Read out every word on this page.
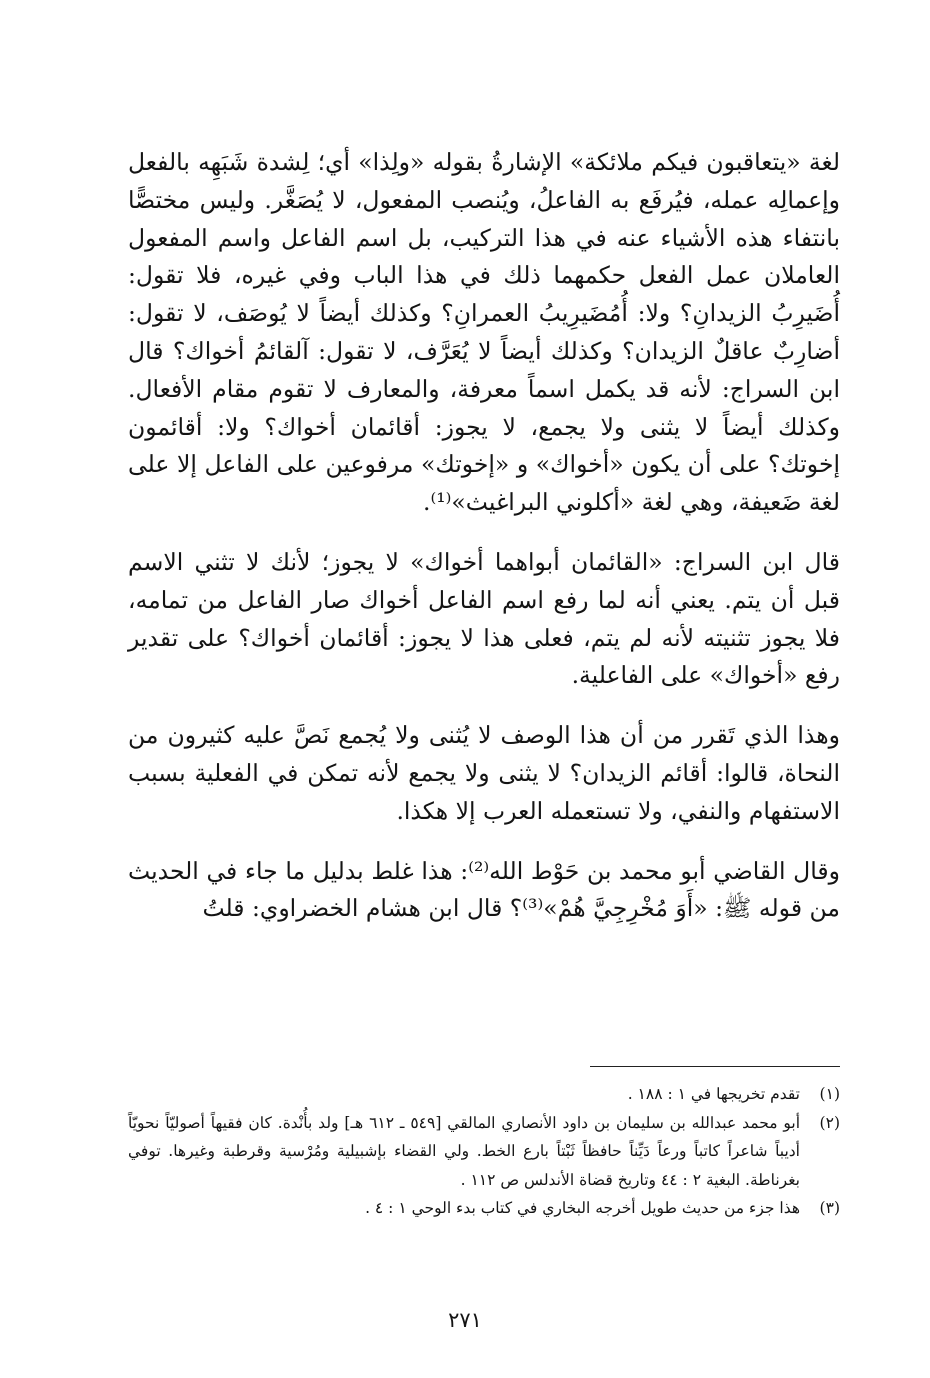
لغة «يتعاقبون فيكم ملائكة» الإشارةُ بقوله «ولِذا» أي؛ لِشدة شَبَهِه بالفعل وإعمالِه عمله، فيُرفَع به الفاعلُ، ويُنصب المفعول، لا يُصَغَّر. وليس مختصًّا بانتفاء هذه الأشياء عنه في هذا التركيب، بل اسم الفاعل واسم المفعول العاملان عمل الفعل حكمهما ذلك في هذا الباب وفي غيره، فلا تقول: أُضَيرِبُ الزيدانِ؟ ولا: أُمُضَيرِيبُ العمرانِ؟ وكذلك أيضاً لا يُوصَف، لا تقول: أضارِبٌ عاقلٌ الزيدان؟ وكذلك أيضاً لا يُعَرَّف، لا تقول: آلقائمُ أخواك؟ قال ابن السراج: لأنه قد يكمل اسماً معرفة، والمعارف لا تقوم مقام الأفعال. وكذلك أيضاً لا يثنى ولا يجمع، لا يجوز: أقائمان أخواك؟ ولا: أقائمون إخوتك؟ على أن يكون «أخواك» و «إخوتك» مرفوعين على الفاعل إلا على لغة ضَعيفة، وهي لغة «أكلوني البراغيث»⁽¹⁾.

قال ابن السراج: «القائمان أبواهما أخواك» لا يجوز؛ لأنك لا تثني الاسم قبل أن يتم. يعني أنه لما رفع اسم الفاعل أخواك صار الفاعل من تمامه، فلا يجوز تثنيته لأنه لم يتم، فعلى هذا لا يجوز: أقائمان أخواك؟ على تقدير رفع «أخواك» على الفاعلية.

وهذا الذي تَقرر من أن هذا الوصف لا يُثنى ولا يُجمع نَصَّ عليه كثيرون من النحاة، قالوا: أقائم الزيدان؟ لا يثنى ولا يجمع لأنه تمكن في الفعلية بسبب الاستفهام والنفي، ولا تستعمله العرب إلا هكذا.

وقال القاضي أبو محمد بن حَوْط الله⁽²⁾: هذا غلط بدليل ما جاء في الحديث من قوله ﷺ: «أَوَ مُخْرِجِيَّ هُمْ»⁽³⁾؟ قال ابن هشام الخضراوي: قلتُ

(١)
تقدم تخريجها في ١ : ١٨٨ .

(٢)
أبو محمد عبدالله بن سليمان بن داود الأنصاري المالقي [٥٤٩ ـ ٦١٢ هـ] ولد بأُنْدة. كان فقيهاً أصوليّاً نحويّاً أديباً شاعراً كاتباً ورعاً دَيِّناً حافظاً ثَبْتاً بارع الخط. ولي القضاء بإشبيلية ومُرْسية وقرطبة وغيرها. توفي بغرناطة. البغية ٢ : ٤٤ وتاريخ قضاة الأندلس ص ١١٢ .

(٣)
هذا جزء من حديث طويل أخرجه البخاري في كتاب بدء الوحي ١ : ٤ .

٢٧١
